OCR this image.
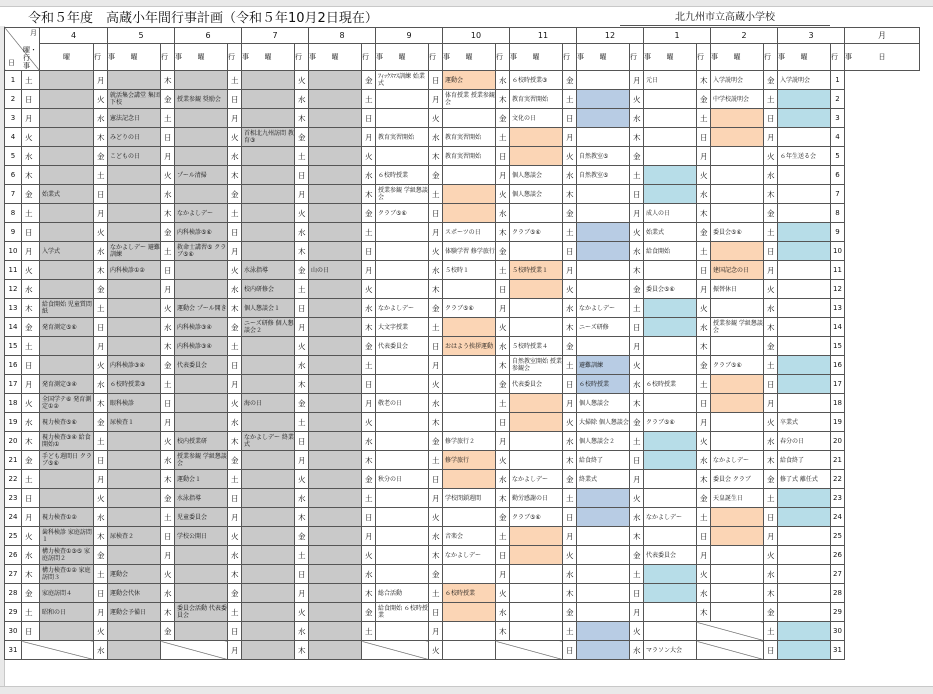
令和５年度　高蔵小年間行事計画（令和５年10月2日現在）	北九州市立高蔵小学校
月
曜・行事
日		4		5		6		7		8		9		10		11		12		1		2		3		月
		曜	行　事	曜	行　事	曜	行　事	曜	行　事	曜	行　事	曜	行　事	曜	行　事	曜	行　事	曜	行　事	曜	行　事	曜	行　事	曜	行　事	日
1	土		月		木		土		火		金	ﾌｨｯｸｽﾏｽ訓練 始業式	日	運動会	水	６校時授業③	金		月	元日	木	入学説明会	金	入学説明会	1	
2	日		火	就活集会講堂 集団下校	金	授業参観 奨励会	日		水		土		月	体育授業 授業参観会	木	教育実習開始	土		火		金	中学校説明会	土		2	
3	月		水	憲法記念日	土		月		木		日		火		金	文化の日	日		水		土		日		3	
4	火		木	みどりの日	日		火	首相北九州訪問 教育③	金		月	教育実習開始	水	教育実習開始	土		月		木		日		月		4	
5	水		金	こどもの日	月		水		土		火		木	教育実習開始	日		火	自然教室⑤	金		月		火	６年生送る会	5	
6	木		土		火	プール清掃	木		日		水	６校時授業	金		月	個人懇談会	水	自然教室⑤	土		火		水		6	
7	金	始業式	日		水		金		月		木	授業参観 学級懇談会	土		火	個人懇談会	木		日		水		木		7	
8	土		月		木	なかよしデー	土		火		金	クラブ⑤⑥	日		水		金		月	成人の日	木		金		8	
9	日		火		金	内科検診⑤⑥	日		水		土		月	スポーツの日	木	クラブ⑤⑥	土		火	始業式	金	委員会⑤⑥	土		9	
10	月	入学式	水	なかよしデー 避難訓練	土	救命士講習⑤ クラブ⑤⑥	月		木		日		火	体験学習 修学旅行	金		日		水	給食開始	土		日		10	
11	火		木	内科検診①②	日		火	水泳指導	金	山の日	月		水	５校時１	土	５校時授業１	月		木		日	建国記念の日	月		11	
12	水		金		月		水	校内研修会	土		火		木		日		火		金	委員会⑤⑥	月	振替休日	火		12	
13	木	給食開始 児童質問紙	土		火	運動会 プール開き	木	個人懇談会１	日		水	なかよしデー	金	クラブ⑤⑥	月		水	なかよしデー	土		火		水		13	
14	金	発育測定⑤⑥	日		水	内科検診③④	金	ニーズ研修 個人懇談会２	月		木	大文字授業	土		火		木	ニーズ研修	日		水	授業参観 学級懇談会	木		14	
15	土		月		木	内科検診③④	土		火		金	代表委員会	日	おはよう挨拶運動	水	５校時授業４	金		月		木		金		15	
16	日		火	内科検診③④	金	代表委員会	日		水		土		月		木	自然教室開始 授業参観会	土	避難訓練	火		金	クラブ⑤⑥	土		16	
17	月	発育測定③④	水	６校時授業③	土		月		木		日		火		金	代表委員会	日	６校時授業	水	６校時授業	土		日		17	
18	火	全国学テ⑥ 発育測定①②	木	眼科検診	日		火	海の日	金		月	敬老の日	水		土		月	個人懇談会	木		日		月		18	
19	水	視力検査⑤⑥	金	尿検査１	月		水		土		火		木		日		火	大掃除 個人懇談会	金	クラブ⑤⑥	月		火	卒業式	19	
20	木	視力検査③④ 給食開始①	土		火	校内授業研	木	なかよしデー 終業式	日		水		金	修学旅行２	月		水	個人懇談会２	土		火		水	春分の日	20	
21	金	手ども週間日 クラブ⑤⑥	日		水	授業参観 学級懇談会	金		月		木		土	修学旅行	火		木	給食終了	日		水	なかよしデー	木	給食終了	21	
22	土		月		木	運動会１	土		火		金	秋分の日	日		水	なかよしデー	金	終業式	月		木	委員会 クラブ	金	修了式 離任式	22	
23	日		火		金	水泳指導	日		水		土		月	学校閉鎖週間	木	勤労感謝の日	土		火		金	天皇誕生日	土		23	
24	月	視力検査①②	水		土	児童委員会	月		木		日		火		金	クラブ⑤⑥	日		水	なかよしデー	土		日		24	
25	火	歯科検診 家庭訪問１	木	尿検査２	日	学校公開日	火		金		月		水	音楽会	土		月		木		日		月		25	
26	水	構力検査①③⑤ 家庭訪問２	金		月		水		土		火		木	なかよしデー	日		火		金	代表委員会	月		火		26	
27	木	構力検査①② 家庭訪問３	土	運動会	火		木		日		水		金		月		水		土		火		水		27	
28	金	家庭訪問４	日	運動会代休	水		金		月		木	総合活動	土	６校時授業	火		木		日		水		木		28	
29	土	昭和の日	月	運動会予備日	木	委員会活動 代表委員会	土		火		金	給食開始 ６校時授業	日		水		金		月		木		金		29	
30	日		火		金		日		水		土		月		木		土		火				土		30	
31			水				月		木				火				日		水	マラソン大会			日		31	
